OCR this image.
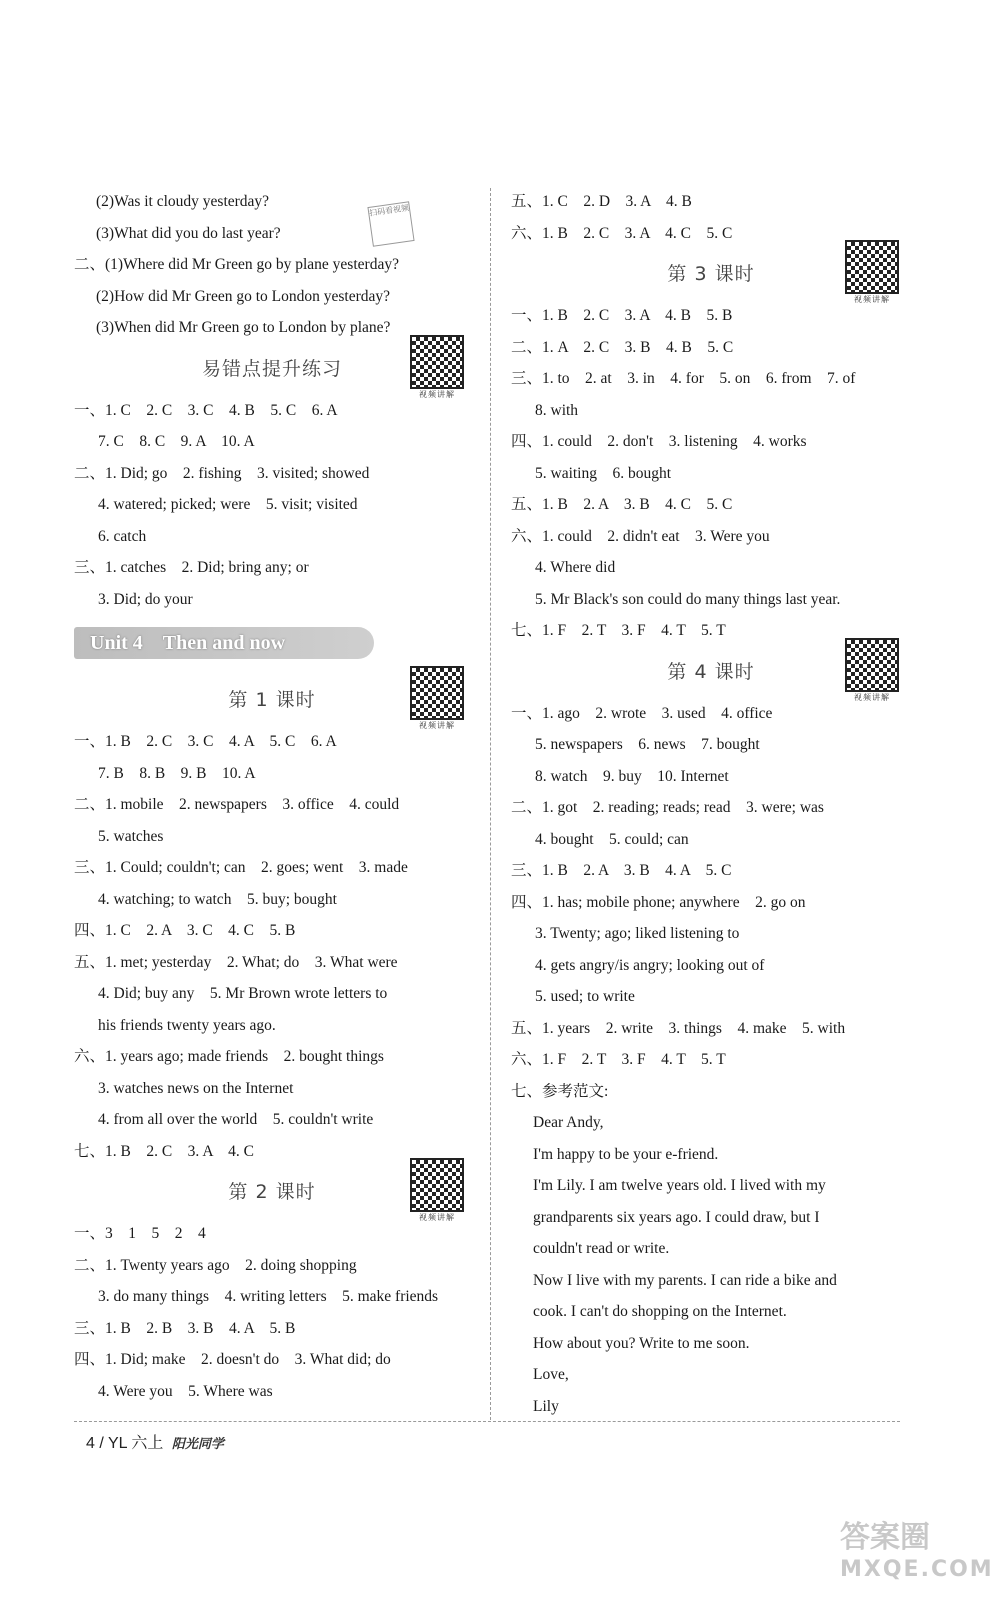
(2)Was it cloudy yesterday?
(3)What did you do last year?
扫码看视频
二、(1)Where did Mr Green go by plane yesterday?
(2)How did Mr Green go to London yesterday?
(3)When did Mr Green go to London by plane?
易错点提升练习
视频讲解
一、1. C　2. C　3. C　4. B　5. C　6. A
7. C　8. C　9. A　10. A
二、1. Did; go　2. fishing　3. visited; showed
4. watered; picked; were　5. visit; visited
6. catch
三、1. catches　2. Did; bring any; or
3. Did; do your
Unit 4　Then and now
第 1 课时
视频讲解
一、1. B　2. C　3. C　4. A　5. C　6. A
7. B　8. B　9. B　10. A
二、1. mobile　2. newspapers　3. office　4. could
5. watches
三、1. Could; couldn't; can　2. goes; went　3. made
4. watching; to watch　5. buy; bought
四、1. C　2. A　3. C　4. C　5. B
五、1. met; yesterday　2. What; do　3. What were
4. Did; buy any　5. Mr Brown wrote letters to
his friends twenty years ago.
六、1. years ago; made friends　2. bought things
3. watches news on the Internet
4. from all over the world　5. couldn't write
七、1. B　2. C　3. A　4. C
第 2 课时
视频讲解
一、3　1　5　2　4
二、1. Twenty years ago　2. doing shopping
3. do many things　4. writing letters　5. make friends
三、1. B　2. B　3. B　4. A　5. B
四、1. Did; make　2. doesn't do　3. What did; do
4. Were you　5. Where was
五、1. C　2. D　3. A　4. B
六、1. B　2. C　3. A　4. C　5. C
第 3 课时
视频讲解
一、1. B　2. C　3. A　4. B　5. B
二、1. A　2. C　3. B　4. B　5. C
三、1. to　2. at　3. in　4. for　5. on　6. from　7. of
8. with
四、1. could　2. don't　3. listening　4. works
5. waiting　6. bought
五、1. B　2. A　3. B　4. C　5. C
六、1. could　2. didn't eat　3. Were you
4. Where did
5. Mr Black's son could do many things last year.
七、1. F　2. T　3. F　4. T　5. T
第 4 课时
视频讲解
一、1. ago　2. wrote　3. used　4. office
5. newspapers　6. news　7. bought
8. watch　9. buy　10. Internet
二、1. got　2. reading; reads; read　3. were; was
4. bought　5. could; can
三、1. B　2. A　3. B　4. A　5. C
四、1. has; mobile phone; anywhere　2. go on
3. Twenty; ago; liked listening to
4. gets angry/is angry; looking out of
5. used; to write
五、1. years　2. write　3. things　4. make　5. with
六、1. F　2. T　3. F　4. T　5. T
七、参考范文:
Dear Andy,
I'm happy to be your e-friend.
I'm Lily. I am twelve years old. I lived with my
grandparents six years ago. I could draw, but I
couldn't read or write.
Now I live with my parents. I can ride a bike and
cook. I can't do shopping on the Internet.
How about you? Write to me soon.
Love,
Lily
4 / YL 六上 阳光同学
答案圈
MXQE.COM
